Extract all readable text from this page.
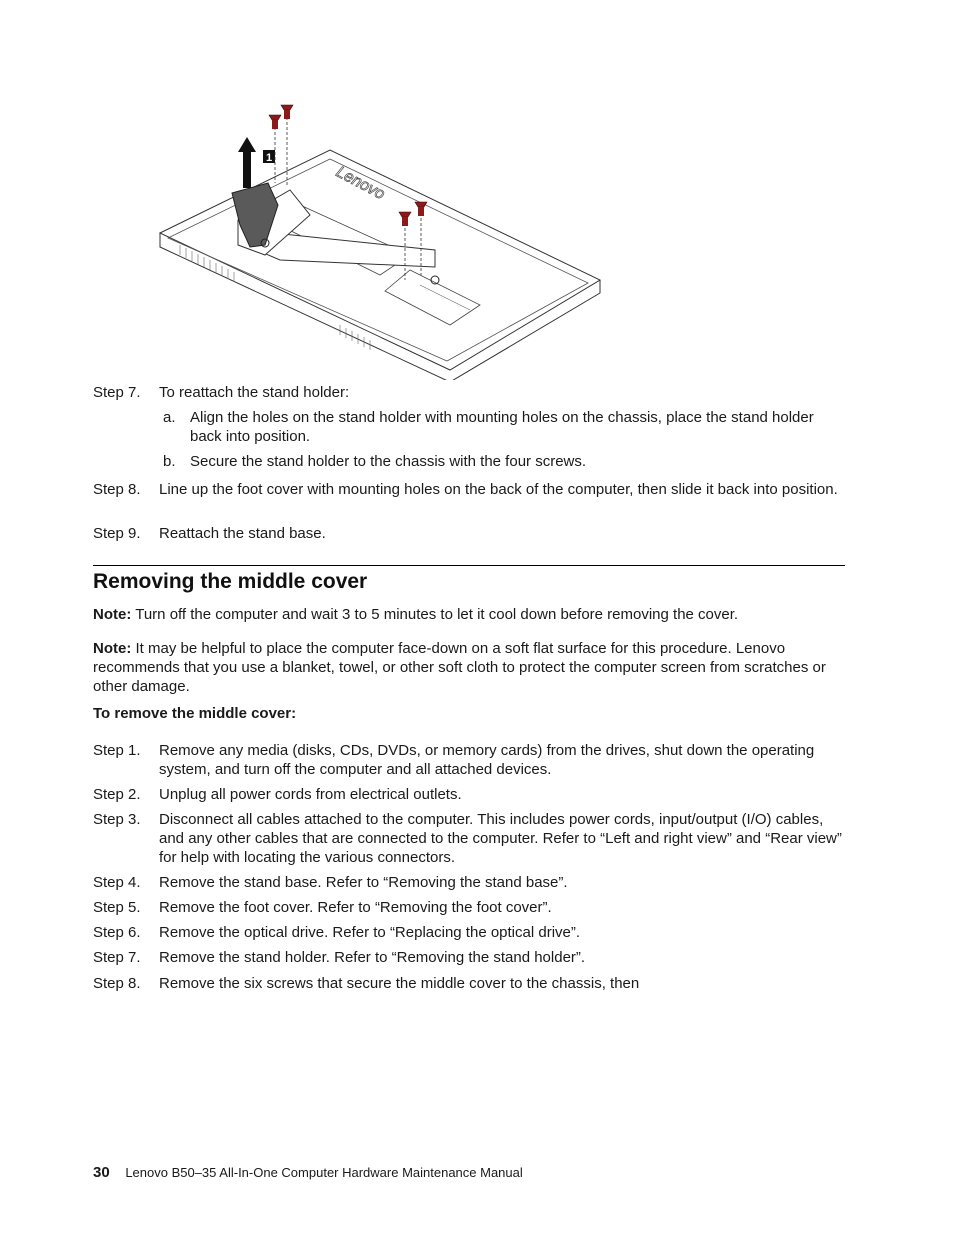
Lenovo
1
Step 7. To reattach the stand holder:
a. Align the holes on the stand holder with mounting holes on the chassis, place the stand holder back into position.
b. Secure the stand holder to the chassis with the four screws.
Step 8. Line up the foot cover with mounting holes on the back of the computer, then slide it back into position.
Step 9. Reattach the stand base.
Removing the middle cover
Note: Turn off the computer and wait 3 to 5 minutes to let it cool down before removing the cover.
Note: It may be helpful to place the computer face-down on a soft flat surface for this procedure. Lenovo recommends that you use a blanket, towel, or other soft cloth to protect the computer screen from scratches or other damage.
To remove the middle cover:
Step 1. Remove any media (disks, CDs, DVDs, or memory cards) from the drives, shut down the operating system, and turn off the computer and all attached devices.
Step 2. Unplug all power cords from electrical outlets.
Step 3. Disconnect all cables attached to the computer. This includes power cords, input/output (I/O) cables, and any other cables that are connected to the computer. Refer to “Left and right view” and “Rear view” for help with locating the various connectors.
Step 4. Remove the stand base. Refer to “Removing the stand base”.
Step 5. Remove the foot cover. Refer to “Removing the foot cover”.
Step 6. Remove the optical drive. Refer to “Replacing the optical drive”.
Step 7. Remove the stand holder. Refer to “Removing the stand holder”.
Step 8. Remove the six screws that secure the middle cover to the chassis, then
30 Lenovo B50–35 All-In-One Computer Hardware Maintenance Manual
